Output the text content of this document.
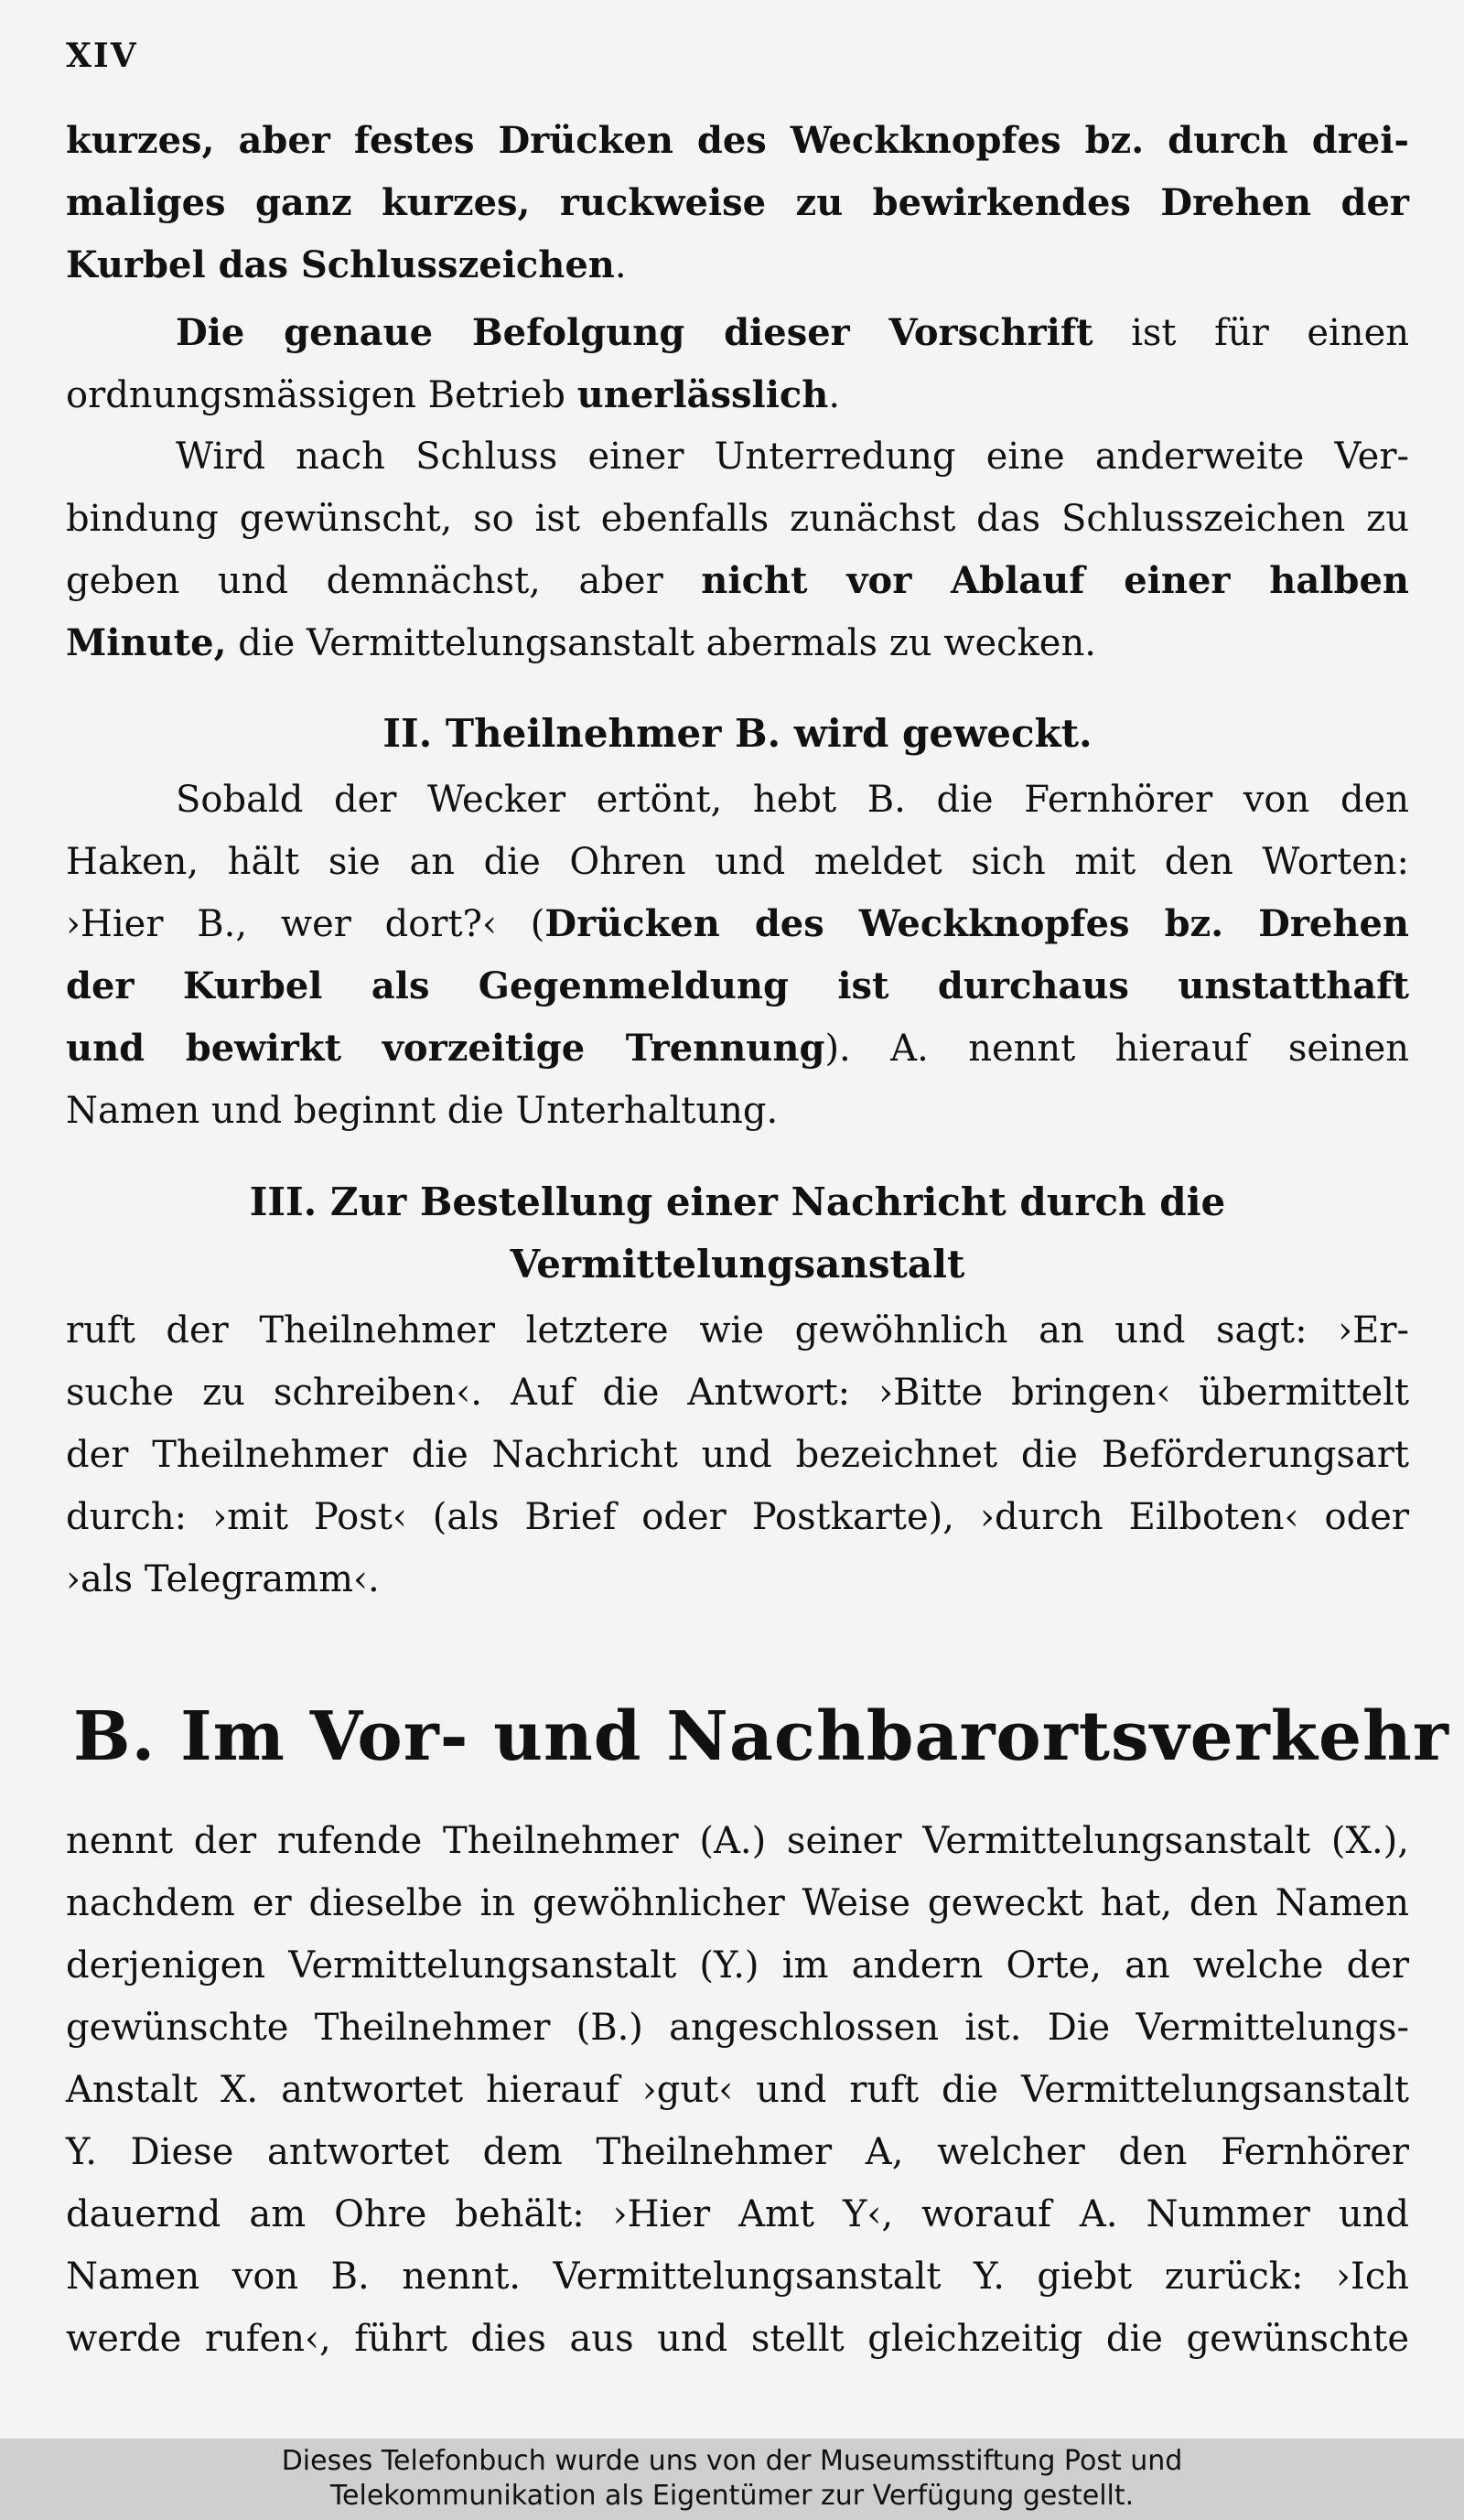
XIV
kurzes, aber festes Drücken des Weckknopfes bz. durch drei-
maliges ganz kurzes, ruckweise zu bewirkendes Drehen der
Kurbel das Schlusszeichen.
Die genaue Befolgung dieser Vorschrift ist für einen
ordnungsmässigen Betrieb unerlässlich.
Wird nach Schluss einer Unterredung eine anderweite Ver-
bindung gewünscht, so ist ebenfalls zunächst das Schlusszeichen zu
geben und demnächst, aber nicht vor Ablauf einer halben
Minute, die Vermittelungsanstalt abermals zu wecken.
II. Theilnehmer B. wird geweckt.
Sobald der Wecker ertönt, hebt B. die Fernhörer von den
Haken, hält sie an die Ohren und meldet sich mit den Worten:
›Hier B., wer dort?‹ (Drücken des Weckknopfes bz. Drehen
der Kurbel als Gegenmeldung ist durchaus unstatthaft
und bewirkt vorzeitige Trennung). A. nennt hierauf seinen
Namen und beginnt die Unterhaltung.
III. Zur Bestellung einer Nachricht durch die
Vermittelungsanstalt
ruft der Theilnehmer letztere wie gewöhnlich an und sagt: ›Er-
suche zu schreiben‹. Auf die Antwort: ›Bitte bringen‹ übermittelt
der Theilnehmer die Nachricht und bezeichnet die Beförderungsart
durch: ›mit Post‹ (als Brief oder Postkarte), ›durch Eilboten‹ oder
›als Telegramm‹.
B. Im Vor- und Nachbarortsverkehr
nennt der rufende Theilnehmer (A.) seiner Vermittelungsanstalt (X.),
nachdem er dieselbe in gewöhnlicher Weise geweckt hat, den Namen
derjenigen Vermittelungsanstalt (Y.) im andern Orte, an welche der
gewünschte Theilnehmer (B.) angeschlossen ist. Die Vermittelungs-
Anstalt X. antwortet hierauf ›gut‹ und ruft die Vermittelungsanstalt
Y. Diese antwortet dem Theilnehmer A, welcher den Fernhörer
dauernd am Ohre behält: ›Hier Amt Y‹, worauf A. Nummer und
Namen von B. nennt. Vermittelungsanstalt Y. giebt zurück: ›Ich
werde rufen‹, führt dies aus und stellt gleichzeitig die gewünschte
Dieses Telefonbuch wurde uns von der Museumsstiftung Post und
Telekommunikation als Eigentümer zur Verfügung gestellt.
